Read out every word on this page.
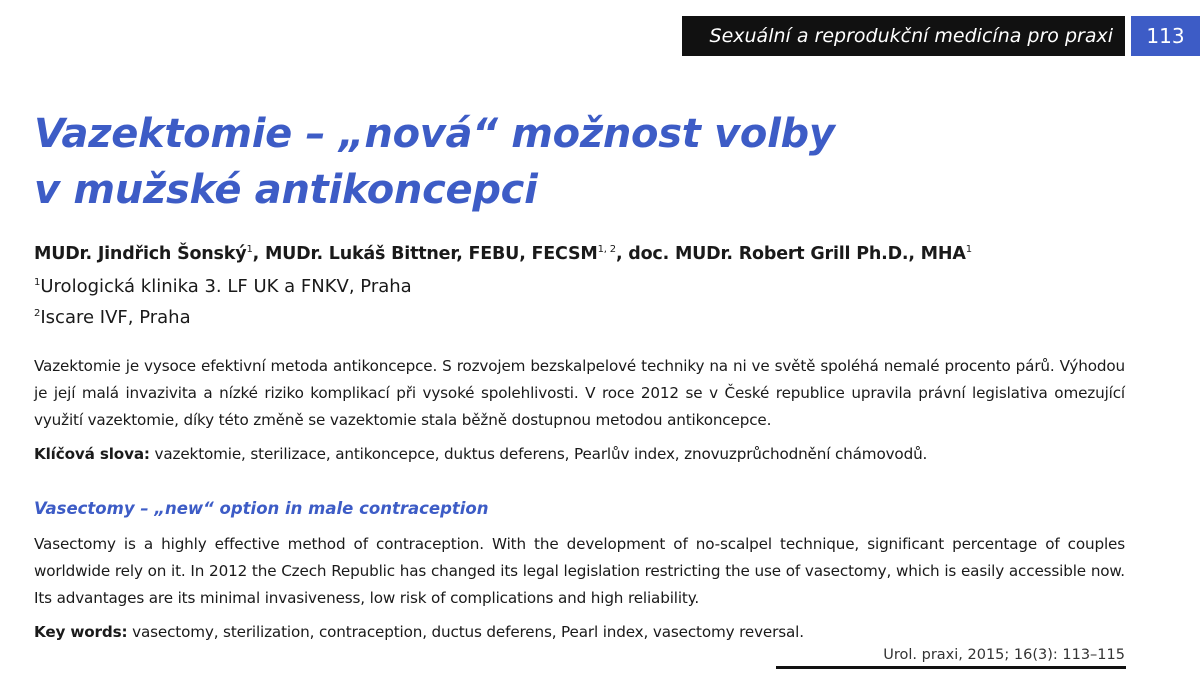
Sexuální a reprodukční medicína pro praxi	113
Vazektomie – „nová“ možnost volby
v mužské antikoncepci
MUDr. Jindřich Šonský$^1$, MUDr. Lukáš Bittner, FEBU, FECSM$^{1, 2}$, doc. MUDr. Robert Grill Ph.D., MHA$^1$
$^1$Urologická klinika 3. LF UK a FNKV, Praha
$^2$Iscare IVF, Praha

Vazektomie je vysoce efektivní metoda antikoncepce. S rozvojem bezskalpelové techniky na ni ve světě spoléhá nemalé procento párů. Výhodou je její malá invazivita a nízké riziko komplikací při vysoké spolehlivosti. V roce 2012 se v České republice upravila právní legislativa omezující využití vazektomie, díky této změně se vazektomie stala běžně dostupnou metodou antikoncepce.

Klíčová slova: vazektomie, sterilizace, antikoncepce, duktus deferens, Pearlův index, znovuzprůchodnění chámovodů.
Vasectomy – „new“ option in male contraception

Vasectomy is a highly effective method of contraception. With the development of no-scalpel technique, significant percentage of couples worldwide rely on it. In 2012 the Czech Republic has changed its legal legislation restricting the use of vasectomy, which is easily accessible now. Its advantages are its minimal invasiveness, low risk of complications and high reliability.

Key words: vasectomy, sterilization, contraception, ductus deferens, Pearl index, vasectomy reversal.
Urol. praxi, 2015; 16(3): 113–115
